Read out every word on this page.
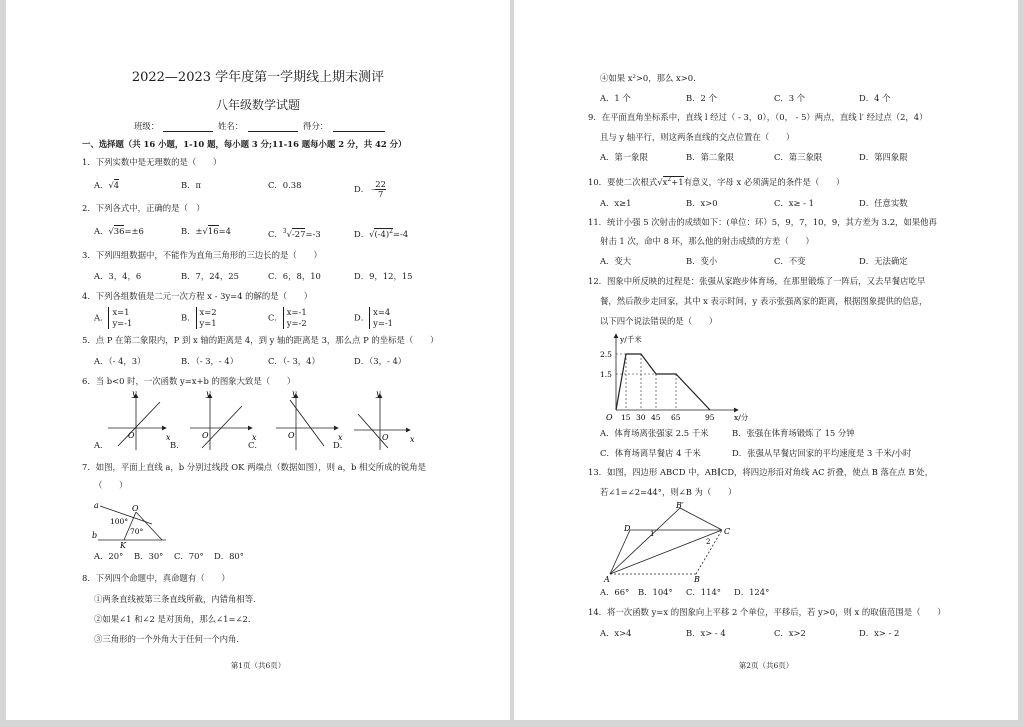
2022—2023 学年度第一学期线上期末测评
八年级数学试题
班级：	姓名：	得分：
一、选择题（共 16 小题，1-10 题，每小题 3 分;11-16 题每小题 2 分，共 42 分）
1．下列实数中是无理数的是（　　）
A．√4	B．π	C．0.38	D． – $\frac{22}{7}$
2．下列各式中，正确的是（　）
A．√36=±6	B．±√16=4	C．$^3$√-27=-3	D．$√(-4)^2=-4$
3．下列四组数据中，不能作为直角三角形的三边长的是（　　）
A．3，4，6	B．7，24，25	C．6，8，10	D．9，12，15
4．下列各组数值是二元一次方程 x - 3y=4 的解的是（　　）
A．
x=1
y=-1
B．
x=2
y=1
C．
x=-1
y=-2
D．
x=4
y=-1
5．点 P 在第二象限内，P 到 x 轴的距离是 4，到 y 轴的距离是 3，那么点 P 的坐标是（　　）
A．（- 4，3）	B．（- 3，- 4）	C．（- 3，4）	D．（3，- 4）
6．当 b<0 时，一次函数 y=x+b 的图象大致是（　　）
y
x
O
y
x
O
y
x
O
y
x
O
A．	B．	C．	D．
7．如图，平面上直线 a，b 分别过线段 OK 两端点（数据如图），则 a，b 相交所成的锐角是
（　　）
a
b
O
K
100°
70°
A．20° B．30° C．70° D．80°
8．下列四个命题中，真命题有（　　）
①两条直线被第三条直线所截，内错角相等.
②如果∠1 和∠2 是对顶角，那么∠1=∠2.
③三角形的一个外角大于任何一个内角.
第1页（共6页）
④如果 x²>0，那么 x>0.
A．1 个	B．2 个	C．3 个	D．4 个
9．在平面直角坐标系中，直线 l 经过（ - 3，0），（0， - 5）两点，直线 l′ 经过点（2，4）
且与 y 轴平行，则这两条直线的交点位置在（　　）
A．第一象限	B．第二象限	C．第三象限	D．第四象限
10．要使二次根式$√x^2+1$有意义，字母 x 必须满足的条件是（　　）
A．x≥1	B．x>0	C．x≥ - 1	D．任意实数
11．统计小强 5 次射击的成绩如下：(单位：环）5，9，7，10，9，其方差为 3.2，如果他再
射击 1 次，命中 8 环，那么他的射击成绩的方差（　　）
A．变大	B．变小	C．不变	D．无法确定
12．图象中所反映的过程是：张强从家跑步体育场，在那里锻炼了一阵后，又去早餐店吃早
餐，然后散步走回家，其中 x 表示时间，y 表示张强离家的距离，根据图象提供的信息，
以下四个说法错误的是（　　）
y/千米
x/分
O
2.5
1.5
15 30 45 65	95
A．体育场离张强家 2.5 千米	B．张强在体育场锻炼了 15 分钟
C．体育场离早餐店 4 千米	D．张强从早餐店回家的平均速度是 3 千米/小时
13．如图，四边形 ABCD 中，AB∥CD，将四边形沿对角线 AC 折叠，使点 B 落在点 B′处，
若∠1=∠2=44°，则∠B 为（　　）
A
D
B′
C
B
1
2
A．66° B．104° C．114° D．124°
14．将一次函数 y=x 的图象向上平移 2 个单位，平移后，若 y>0，则 x 的取值范围是（　　）
A．x>4	B．x> - 4	C．x>2	D．x> - 2
第2页（共6页）
